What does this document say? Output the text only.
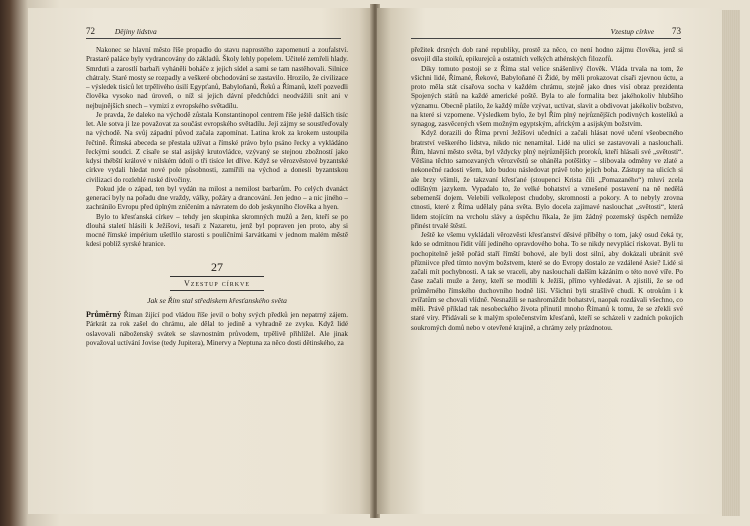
72	Dějiny lidstva

Nakonec se hlavní město říše propadlo do stavu naprostého zapomenutí a zoufalství. Prastaré paláce byly vydrancovány do základů. Školy lehly popelem. Učitelé zemřeli hlady. Smrduti a zarostlí barbaři vyháněli boháče z jejich sídel a sami se tam nastěhovali. Silnice chátraly. Staré mosty se rozpadly a veškeré obchodování se zastavilo. Hrozilo, že civilizace – výsledek tisíců let trpělivého úsilí Egypťanů, Babyloňanů, Řeků a Římanů, kteří pozvedli člověka vysoko nad úroveň, o níž si jejich dávní předchůdci neodvážili snít ani v nejbujnějších snech – vymizí z evropského světadílu.

Je pravda, že daleko na východě zůstala Konstantinopol centrem říše ještě dalších tisíc let. Ale sotva ji lze považovat za součást evropského světadílu. Její zájmy se soustřeďovaly na východě. Na svůj západní původ začala zapomínat. Latina krok za krokem ustoupila řečtině. Římská abeceda se přestala užívat a římské právo bylo psáno řecky a vykládáno řeckými soudci. Z císaře se stal asijský krutovládce, vzývaný se stejnou zbožností jako kdysi thébští králové v nilském údolí o tři tisíce let dříve. Když se věrozvěstové byzantské církve vydali hledat nové pole působnosti, zamířili na východ a donesli byzantskou civilizaci do rozlehlé ruské divočiny.

Pokud jde o západ, ten byl vydán na milost a nemilost barbarům. Po celých dvanáct generací byly na pořadu dne vraždy, války, požáry a drancování. Jen jedno – a nic jiného – zachránilo Evropu před úplným zničením a návratem do dob jeskynního člověka a hyen.

Bylo to křesťanská církev – tehdy jen skupinka skromných mužů a žen, kteří se po dlouhá staletí hlásili k Ježíšovi, tesaři z Nazaretu, jenž byl popraven jen proto, aby si mocné římské impérium ušetřilo starosti s pouličními šarvátkami v jednom malém městě kdesi poblíž syrské hranice.

27
Vzestup církve
Jak se Řím stal střediskem křesťanského světa

Průměrný Říman žijící pod vládou říše jevil o bohy svých předků jen nepatrný zájem. Párkrát za rok zašel do chrámu, ale dělal to jedině a vyhradně ze zvyku. Když lidé oslavovali náboženský svátek se slavnostním průvodem, trpělivě přihlížel. Ale jinak považoval uctívání Jovise (tedy Jupitera), Minervy a Neptuna za něco dosti dětinského, za

Vzestup církve 73

přežitek drsných dob rané republiky, prostě za něco, co není hodno zájmu člověka, jenž si osvojil díla stoiků, epikurejců a ostatních velkých athénských filozofů.

Díky tomuto postoji se z Říma stal velice snášenlivý člověk. Vláda trvala na tom, že všichni lidé, Římané, Řekové, Babyloňané či Židé, by měli prokazovat císaři zjevnou úctu, a proto měla stát císařova socha v každém chrámu, stejně jako dnes visí obraz prezidenta Spojených států na každé americké poště. Byla to ale formalita bez jakéhokoliv hlubšího významu. Obecně platilo, že každý může vzývat, uctívat, slavit a obdivovat jakékoliv božstvo, na které si vzpomene. Výsledkem bylo, že byl Řím plný nejrůznějších podivných kostelíků a synagog, zasvěcených všem možným egyptským, africkým a asijským božstvím.

Když dorazili do Říma první Ježíšovi učedníci a začali hlásat nové učení všeobecného bratrství veškerého lidstva, nikdo nic nenamítal. Lidé na ulici se zastavovali a naslouchali. Řím, hlavní město světa, byl vždycky plný nejrůznějších proroků, kteří hlásali své „světosti“. Většina těchto samozvaných věrozvěstů se oháněla potěšitky – slibovala odměny ve zlaté a nekonečné radosti všem, kdo budou následovat právě toho jejich boha. Zástupy na ulicích si ale brzy všimli, že takzvaní křesťané (stoupenci Krista čili „Pomazaného“) mluví zcela odlišným jazykem. Vypadalo to, že velké bohatství a vznešené postavení na ně nedělá sebemenší dojem. Velebili velkolepost chudoby, skromnosti a pokory. A to nebyly zrovna ctnosti, které z Říma udělaly pána světa. Bylo docela zajímavé naslouchat „světosti“, která lidem stojícím na vrcholu slávy a úspěchu říkala, že jim žádný pozemský úspěch nemůže přinést trvalé štěstí.

Ještě ke všemu vykládali věrozvěsti křesťanství děsivé příběhy o tom, jaký osud čeká ty, kdo se odmítnou řídit vůlí jediného opravdového boha. To se nikdy nevyplácí riskovat. Byli tu pochopitelně ještě pořád staří římští bohové, ale byli dost silní, aby dokázali ubránit své přízniivce před tímto novým božstvem, které se do Evropy dostalo ze vzdálené Asie? Lidé si začali mít pochybnosti. A tak se vraceli, aby naslouchali dalším kázáním o této nové víře. Po čase začali muže a ženy, kteří se modlili k Ježíši, přímo vyhledávat. A zjistili, že se od průměrného římského duchovního hodně liší. Všichni byli strašlivě chudí. K otrokům i k zvířatům se chovali vlídně. Nesnažili se nashromáždit bohatství, naopak rozdávali všechno, co měli. Právě příklad tak nesobeckého života přinutil mnoho Římanů k tomu, že se zřekli své staré víry. Přidávali se k malým společenstvím křesťanů, kteří se scházeli v zadních pokojích soukromých domů nebo v otevřené krajině, a chrámy zely prázdnotou.
